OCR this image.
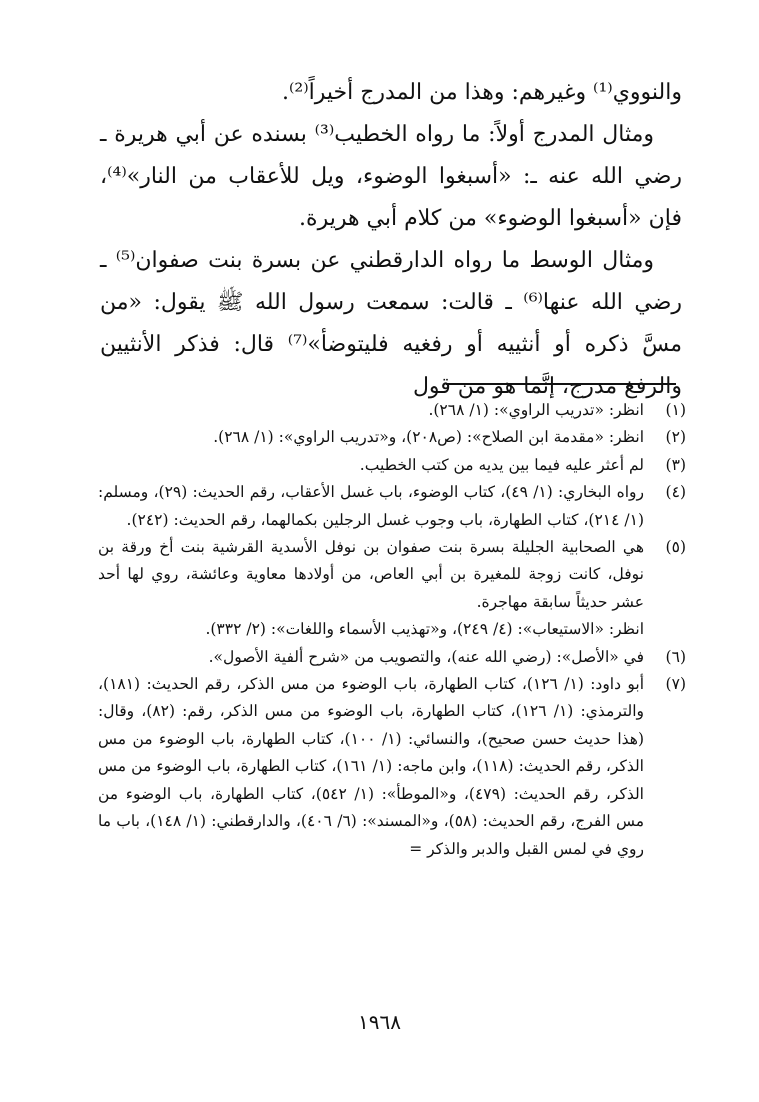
والنووي⁽¹⁾ وغيرهم: وهذا من المدرج أخيراً⁽²⁾.

ومثال المدرج أولاً: ما رواه الخطيب⁽³⁾ بسنده عن أبي هريرة ـ رضي الله عنه ـ: «أسبغوا الوضوء، ويل للأعقاب من النار»⁽⁴⁾، فإن «أسبغوا الوضوء» من كلام أبي هريرة.

ومثال الوسط ما رواه الدارقطني عن بسرة بنت صفوان⁽⁵⁾ ـ رضي الله عنها⁽⁶⁾ ـ قالت: سمعت رسول الله ﷺ يقول: «من مسَّ ذكره أو أنثييه أو رفغيه فليتوضأ»⁽⁷⁾ قال: فذكر الأنثيين والرفغ مدرج، إنَّما هو من قول

(١)
انظر: «تدريب الراوي»: (١/ ٢٦٨).
(٢)
انظر: «مقدمة ابن الصلاح»: (ص٢٠٨)، و«تدريب الراوي»: (١/ ٢٦٨).
(٣)
لم أعثر عليه فيما بين يديه من كتب الخطيب.
(٤)
رواه البخاري: (١/ ٤٩)، كتاب الوضوء، باب غسل الأعقاب، رقم الحديث: (٢٩)، ومسلم: (١/ ٢١٤)، كتاب الطهارة، باب وجوب غسل الرجلين بكمالهما، رقم الحديث: (٢٤٢).
(٥)
هي الصحابية الجليلة بسرة بنت صفوان بن نوفل الأسدية القرشية بنت أخ ورقة بن نوفل، كانت زوجة للمغيرة بن أبي العاص، من أولادها معاوية وعائشة، روي لها أحد عشر حديثاً سابقة مهاجرة.
انظر: «الاستيعاب»: (٤/ ٢٤٩)، و«تهذيب الأسماء واللغات»: (٢/ ٣٣٢).
(٦)
في «الأصل»: (رضي الله عنه)، والتصويب من «شرح ألفية الأصول».
(٧)
أبو داود: (١/ ١٢٦)، كتاب الطهارة، باب الوضوء من مس الذكر، رقم الحديث: (١٨١)، والترمذي: (١/ ١٢٦)، كتاب الطهارة، باب الوضوء من مس الذكر، رقم: (٨٢)، وقال: (هذا حديث حسن صحيح)، والنسائي: (١/ ١٠٠)، كتاب الطهارة، باب الوضوء من مس الذكر، رقم الحديث: (١١٨)، وابن ماجه: (١/ ١٦١)، كتاب الطهارة، باب الوضوء من مس الذكر، رقم الحديث: (٤٧٩)، و«الموطأ»: (١/ ٥٤٢)، كتاب الطهارة، باب الوضوء من مس الفرج، رقم الحديث: (٥٨)، و«المسند»: (٦/ ٤٠٦)، والدارقطني: (١/ ١٤٨)، باب ما روي في لمس القبل والدبر والذكر =
١٩٦٨
